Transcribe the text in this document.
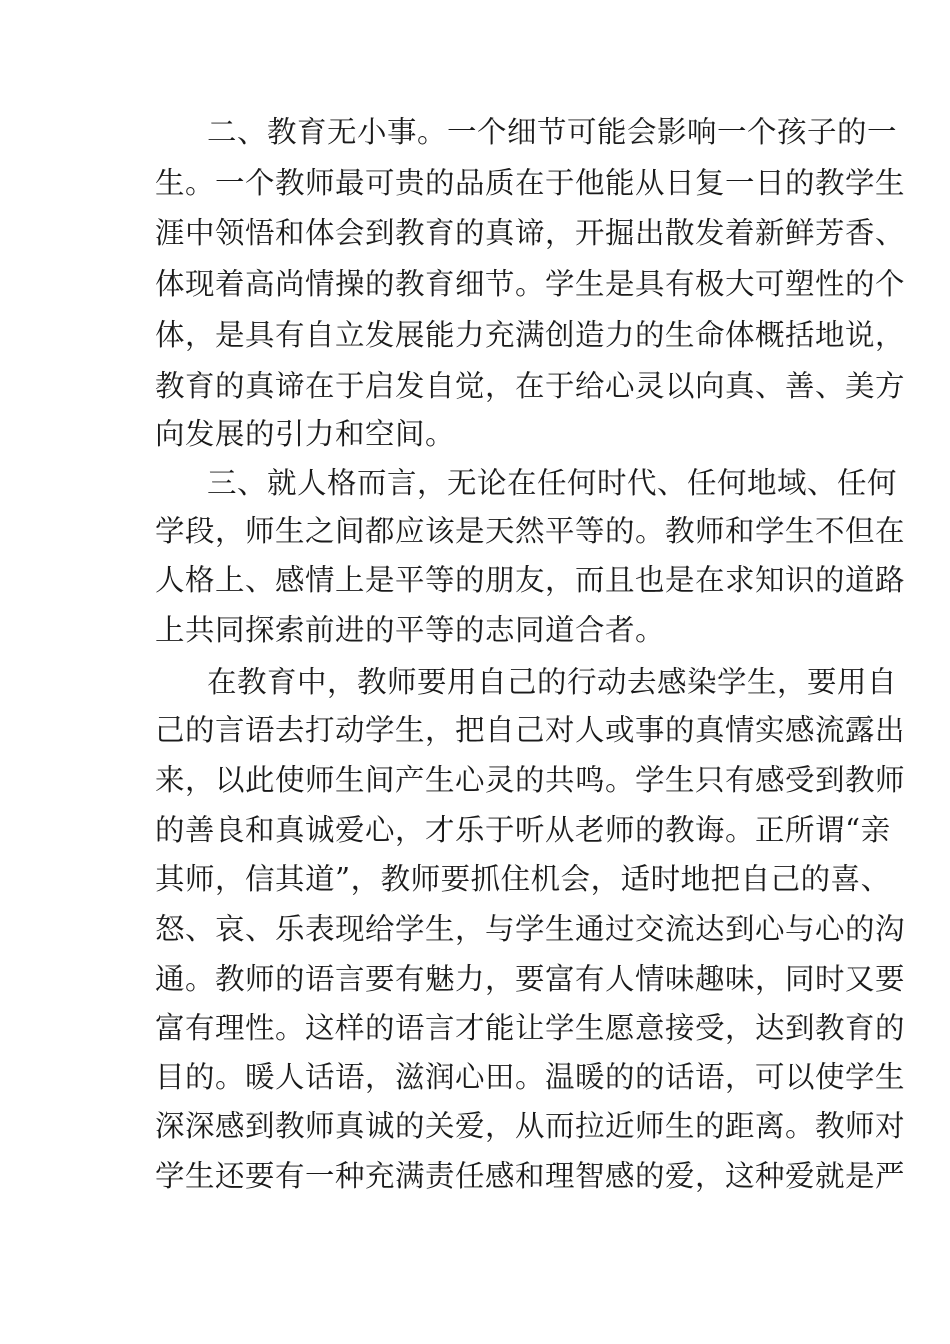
二、教育无小事。一个细节可能会影响一个孩子的一
生。一个教师最可贵的品质在于他能从日复一日的教学生
涯中领悟和体会到教育的真谛，开掘出散发着新鲜芳香、
体现着高尚情操的教育细节。学生是具有极大可塑性的个
体，是具有自立发展能力充满创造力的生命体概括地说，
教育的真谛在于启发自觉，在于给心灵以向真、善、美方
向发展的引力和空间。
三、就人格而言，无论在任何时代、任何地域、任何
学段，师生之间都应该是天然平等的。教师和学生不但在
人格上、感情上是平等的朋友，而且也是在求知识的道路
上共同探索前进的平等的志同道合者。
在教育中，教师要用自己的行动去感染学生，要用自
己的言语去打动学生，把自己对人或事的真情实感流露出
来，以此使师生间产生心灵的共鸣。学生只有感受到教师
的善良和真诚爱心，才乐于听从老师的教诲。正所谓“亲
其师，信其道”，教师要抓住机会，适时地把自己的喜、
怒、哀、乐表现给学生，与学生通过交流达到心与心的沟
通。教师的语言要有魅力，要富有人情味趣味，同时又要
富有理性。这样的语言才能让学生愿意接受，达到教育的
目的。暖人话语，滋润心田。温暖的的话语，可以使学生
深深感到教师真诚的关爱，从而拉近师生的距离。教师对
学生还要有一种充满责任感和理智感的爱，这种爱就是严
